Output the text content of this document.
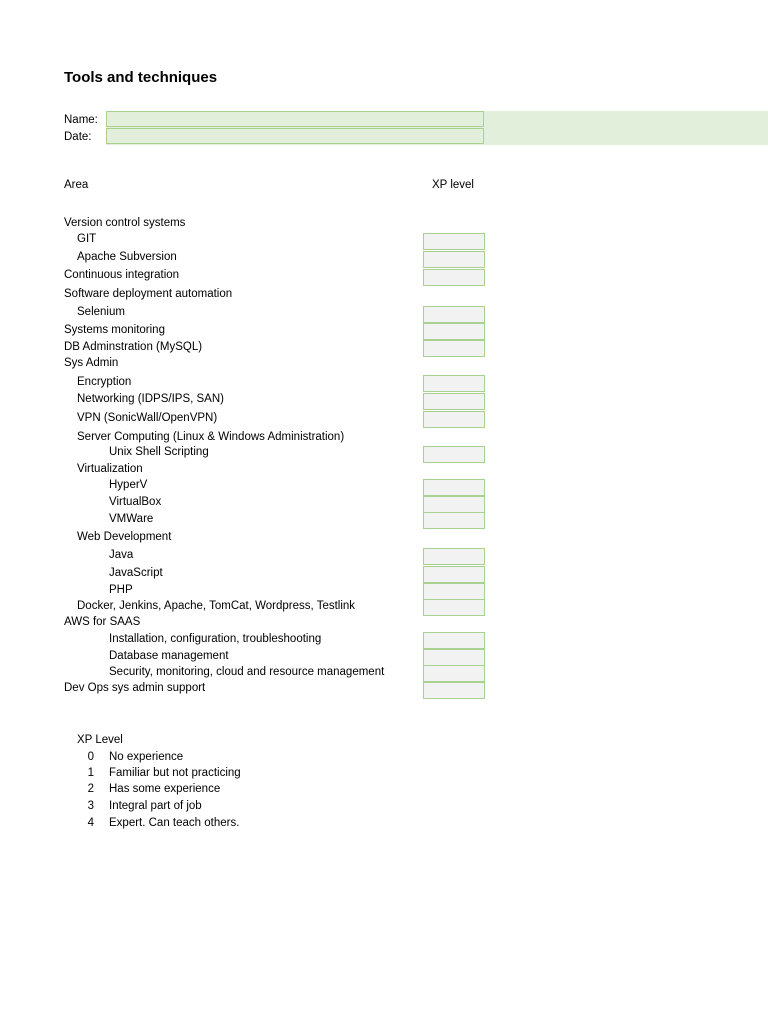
Tools and techniques
Name:
Date:
Area	XP level
Version control systems
GIT
Apache Subversion
Continuous integration
Software deployment automation
Selenium
Systems monitoring
DB Adminstration (MySQL)
Sys Admin
Encryption
Networking (IDPS/IPS, SAN)
VPN (SonicWall/OpenVPN)
Server Computing (Linux & Windows Administration)
Unix Shell Scripting
Virtualization
HyperV
VirtualBox
VMWare
Web Development
Java
JavaScript
PHP
Docker, Jenkins, Apache, TomCat, Wordpress, Testlink
AWS for SAAS
Installation, configuration, troubleshooting
Database management
Security, monitoring, cloud and resource management
Dev Ops sys admin support
XP Level
0 No experience
1 Familiar but not practicing
2 Has some experience
3 Integral part of job
4 Expert. Can teach others.
